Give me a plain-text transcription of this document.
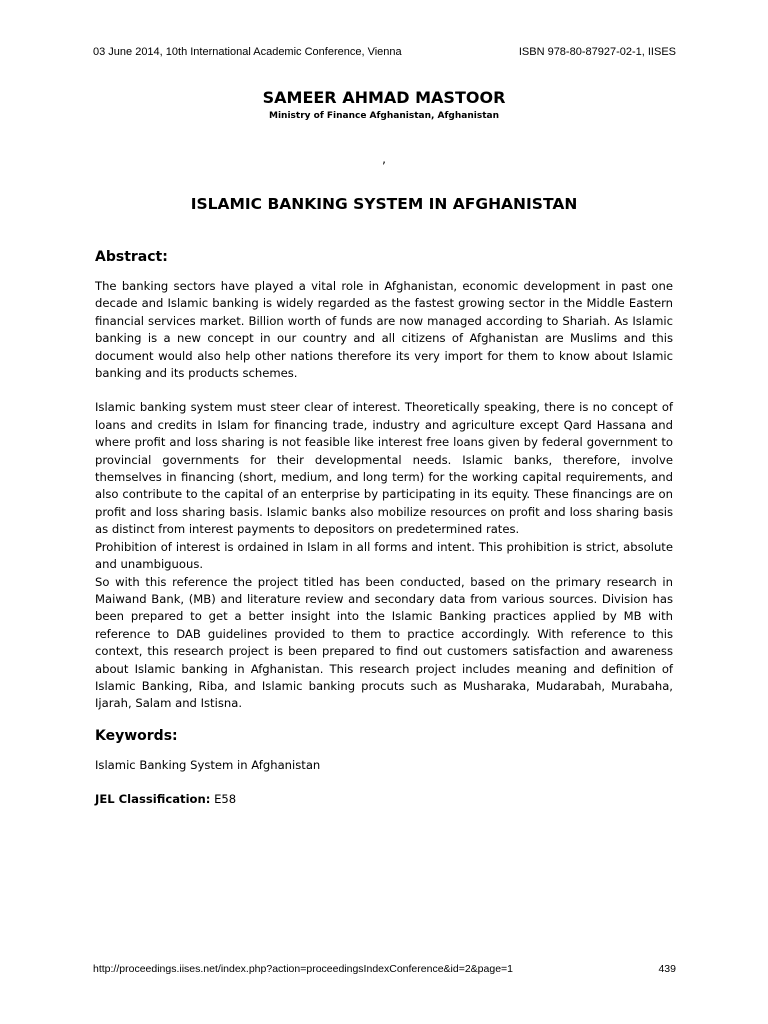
03 June 2014, 10th International Academic Conference, Vienna	ISBN 978-80-87927-02-1, IISES
SAMEER AHMAD MASTOOR
Ministry of Finance Afghanistan, Afghanistan
,
ISLAMIC BANKING SYSTEM IN AFGHANISTAN
Abstract:

The banking sectors have played a vital role in Afghanistan, economic development in past one decade and Islamic banking is widely regarded as the fastest growing sector in the Middle Eastern financial services market. Billion worth of funds are now managed according to Shariah. As Islamic banking is a new concept in our country and all citizens of Afghanistan are Muslims and this document would also help other nations therefore its very import for them to know about Islamic banking and its products schemes.

Islamic banking system must steer clear of interest. Theoretically speaking, there is no concept of loans and credits in Islam for financing trade, industry and agriculture except Qard Hassana and where profit and loss sharing is not feasible like interest free loans given by federal government to provincial governments for their developmental needs. Islamic banks, therefore, involve themselves in financing (short, medium, and long term) for the working capital requirements, and also contribute to the capital of an enterprise by participating in its equity. These financings are on profit and loss sharing basis. Islamic banks also mobilize resources on profit and loss sharing basis as distinct from interest payments to depositors on predetermined rates.

Prohibition of interest is ordained in Islam in all forms and intent. This prohibition is strict, absolute and unambiguous.

So with this reference the project titled has been conducted, based on the primary research in Maiwand Bank, (MB) and literature review and secondary data from various sources. Division has been prepared to get a better insight into the Islamic Banking practices applied by MB with reference to DAB guidelines provided to them to practice accordingly. With reference to this context, this research project is been prepared to find out customers satisfaction and awareness about Islamic banking in Afghanistan. This research project includes meaning and definition of Islamic Banking, Riba, and Islamic banking procuts such as Musharaka, Mudarabah, Murabaha, Ijarah, Salam and Istisna.

Keywords:

Islamic Banking System in Afghanistan

JEL Classification: E58

http://proceedings.iises.net/index.php?action=proceedingsIndexConference&id=2&page=1	439
